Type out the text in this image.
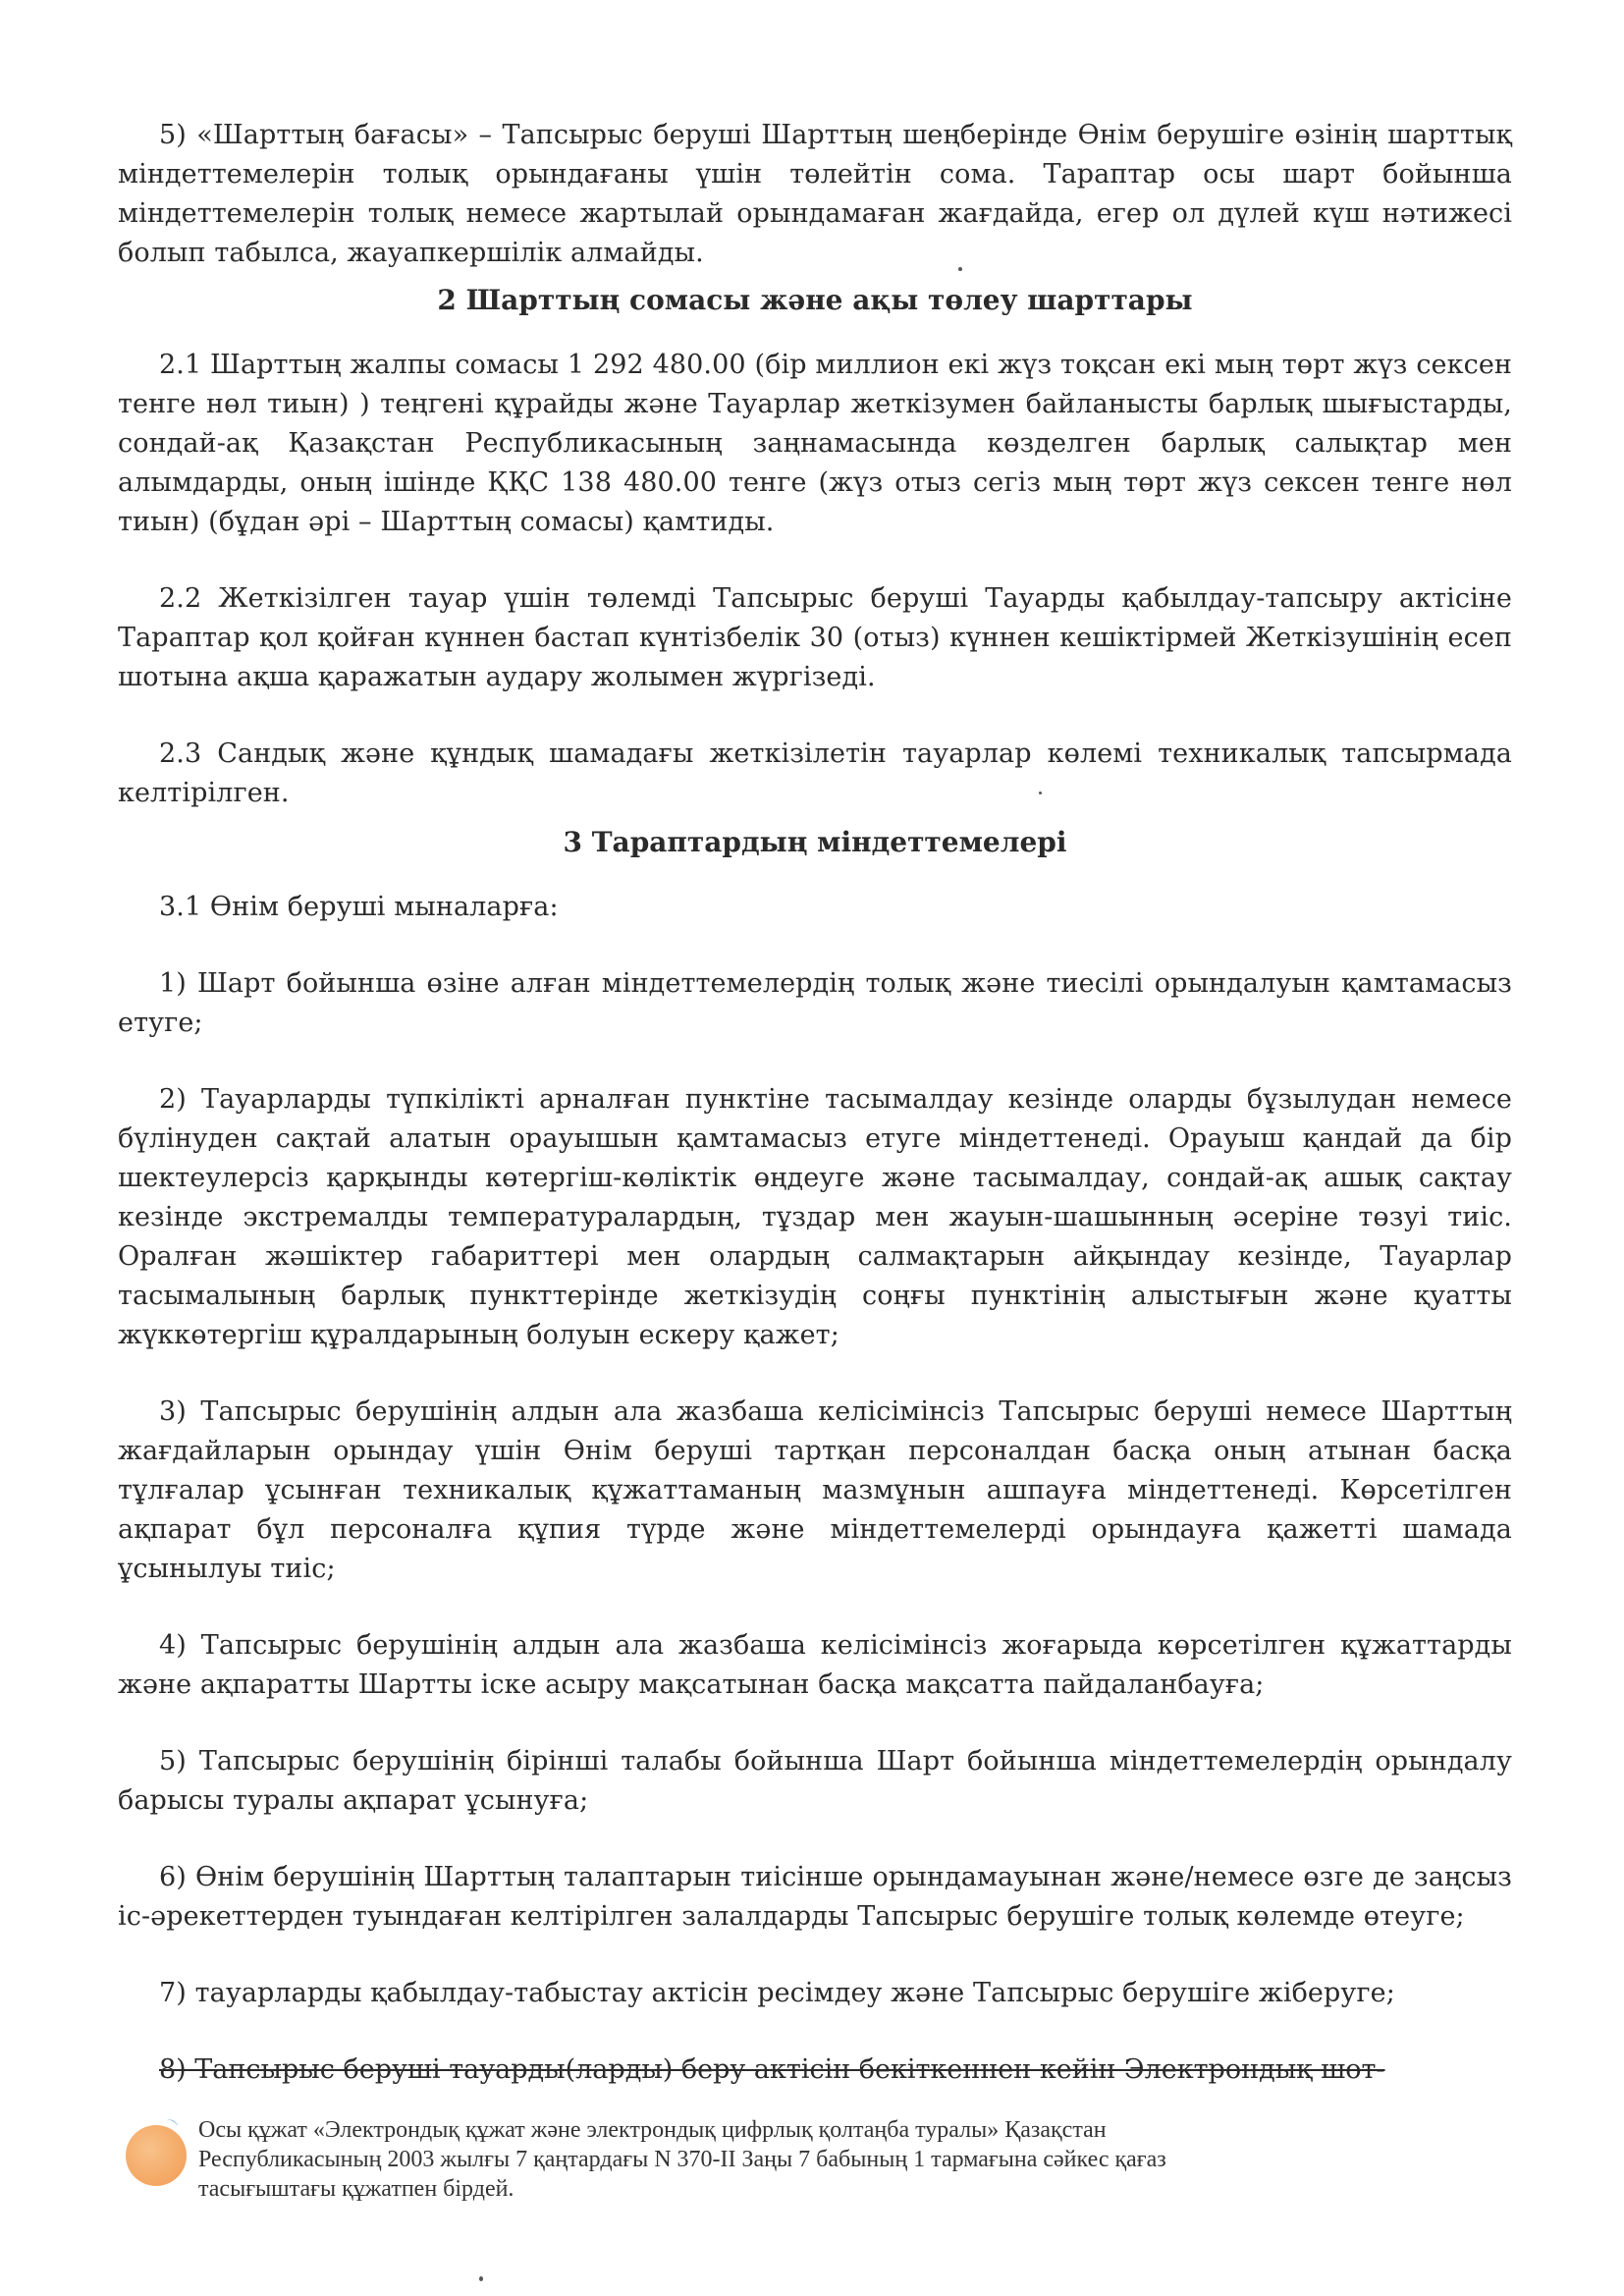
5) «Шарттың бағасы» – Тапсырыс беруші Шарттың шеңберінде Өнім берушіге өзінің шарттық міндеттемелерін толық орындағаны үшін төлейтін сома. Тараптар осы шарт бойынша міндеттемелерін толық немесе жартылай орындамаған жағдайда, егер ол дүлей күш нәтижесі болып табылса, жауапкершілік алмайды.

2 Шарттың сомасы және ақы төлеу шарттары

2.1 Шарттың жалпы сомасы 1 292 480.00 (бір миллион екі жүз тоқсан екі мың төрт жүз сексен тенге нөл тиын) ) теңгені құрайды және Тауарлар жеткізумен байланысты барлық шығыстарды, сондай-ақ Қазақстан Республикасының заңнамасында көзделген барлық салықтар мен алымдарды, оның ішінде ҚҚС 138 480.00 тенге (жүз отыз сегіз мың төрт жүз сексен тенге нөл тиын) (бұдан әрі – Шарттың сомасы) қамтиды.

2.2 Жеткізілген тауар үшін төлемді Тапсырыс беруші Тауарды қабылдау-тапсыру актісіне Тараптар қол қойған күннен бастап күнтізбелік 30 (отыз) күннен кешіктірмей Жеткізушінің есеп шотына ақша қаражатын аудару жолымен жүргізеді.

2.3 Сандық және құндық шамадағы жеткізілетін тауарлар көлемі техникалық тапсырмада келтірілген.

3 Тараптардың міндеттемелері

3.1 Өнім беруші мыналарға:

1) Шарт бойынша өзіне алған міндеттемелердің толық және тиесілі орындалуын қамтамасыз етуге;

2) Тауарларды түпкілікті арналған пунктіне тасымалдау кезінде оларды бұзылудан немесе бүлінуден сақтай алатын орауышын қамтамасыз етуге міндеттенеді. Орауыш қандай да бір шектеулерсіз қарқынды көтергіш-көліктік өңдеуге және тасымалдау, сондай-ақ ашық сақтау кезінде экстремалды температуралардың, тұздар мен жауын-шашынның әсеріне төзуі тиіс. Оралған жәшіктер габариттері мен олардың салмақтарын айқындау кезінде, Тауарлар тасымалының барлық пункттерінде жеткізудің соңғы пунктінің алыстығын және қуатты жүккөтергіш құралдарының болуын ескеру қажет;

3) Тапсырыс берушінің алдын ала жазбаша келісімінсіз Тапсырыс беруші немесе Шарттың жағдайларын орындау үшін Өнім беруші тартқан персоналдан басқа оның атынан басқа тұлғалар ұсынған техникалық құжаттаманың мазмұнын ашпауға міндеттенеді. Көрсетілген ақпарат бұл персоналға құпия түрде және міндеттемелерді орындауға қажетті шамада ұсынылуы тиіс;

4) Тапсырыс берушінің алдын ала жазбаша келісімінсіз жоғарыда көрсетілген құжаттарды және ақпаратты Шартты іске асыру мақсатынан басқа мақсатта пайдаланбауға;

5) Тапсырыс берушінің бірінші талабы бойынша Шарт бойынша міндеттемелердің орындалу барысы туралы ақпарат ұсынуға;

6) Өнім берушінің Шарттың талаптарын тиісінше орындамауынан және/немесе өзге де заңсыз іс-әрекеттерден туындаған келтірілген залалдарды Тапсырыс берушіге толық көлемде өтеуге;

7) тауарларды қабылдау-табыстау актісін ресімдеу және Тапсырыс берушіге жіберуге;

8) Тапсырыс беруші тауарды(ларды) беру актісін бекіткеннен кейін Электрондық шот-

⌒ Осы құжат «Электрондық құжат және электрондық цифрлық қолтаңба туралы» Қазақстан
Республикасының 2003 жылғы 7 қаңтардағы N 370-II Заңы 7 бабының 1 тармағына сәйкес қағаз
тасығыштағы құжатпен бірдей.
